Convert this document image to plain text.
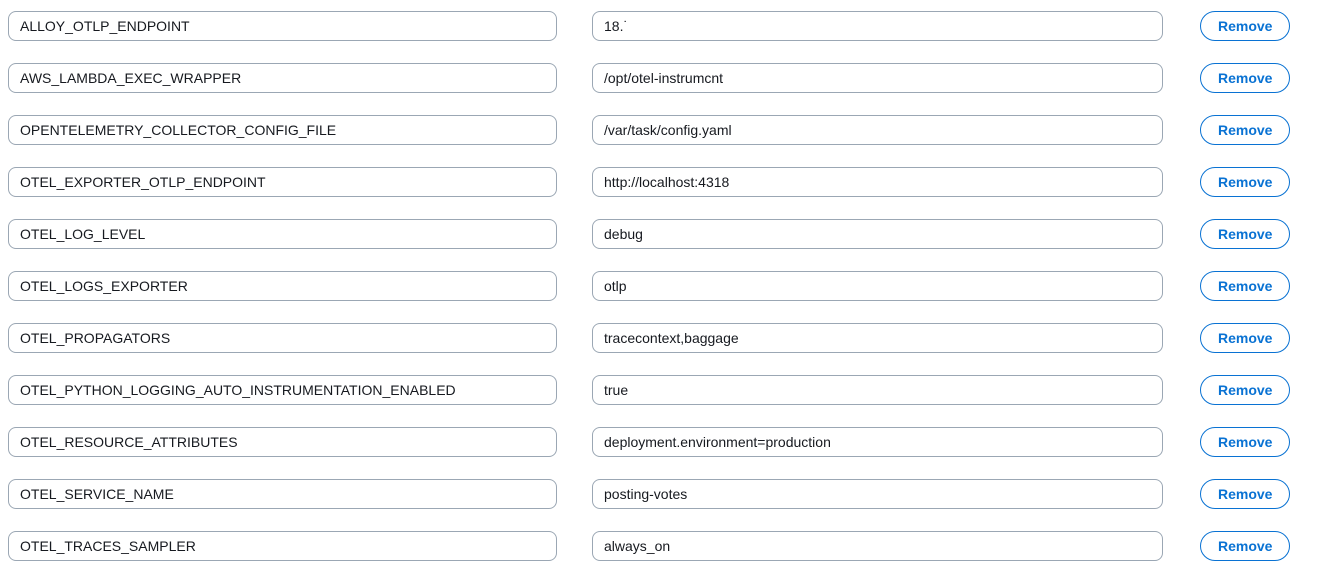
ALLOY_OTLP_ENDPOINT
18.˙
Remove
AWS_LAMBDA_EXEC_WRAPPER
/opt/otel-instrumcnt
Remove
OPENTELEMETRY_COLLECTOR_CONFIG_FILE
/var/task/config.yaml
Remove
OTEL_EXPORTER_OTLP_ENDPOINT
http://localhost:4318
Remove
OTEL_LOG_LEVEL
debug
Remove
OTEL_LOGS_EXPORTER
otlp
Remove
OTEL_PROPAGATORS
tracecontext,baggage
Remove
OTEL_PYTHON_LOGGING_AUTO_INSTRUMENTATION_ENABLED
true
Remove
OTEL_RESOURCE_ATTRIBUTES
deployment.environment=production
Remove
OTEL_SERVICE_NAME
posting-votes
Remove
OTEL_TRACES_SAMPLER
always_on
Remove
